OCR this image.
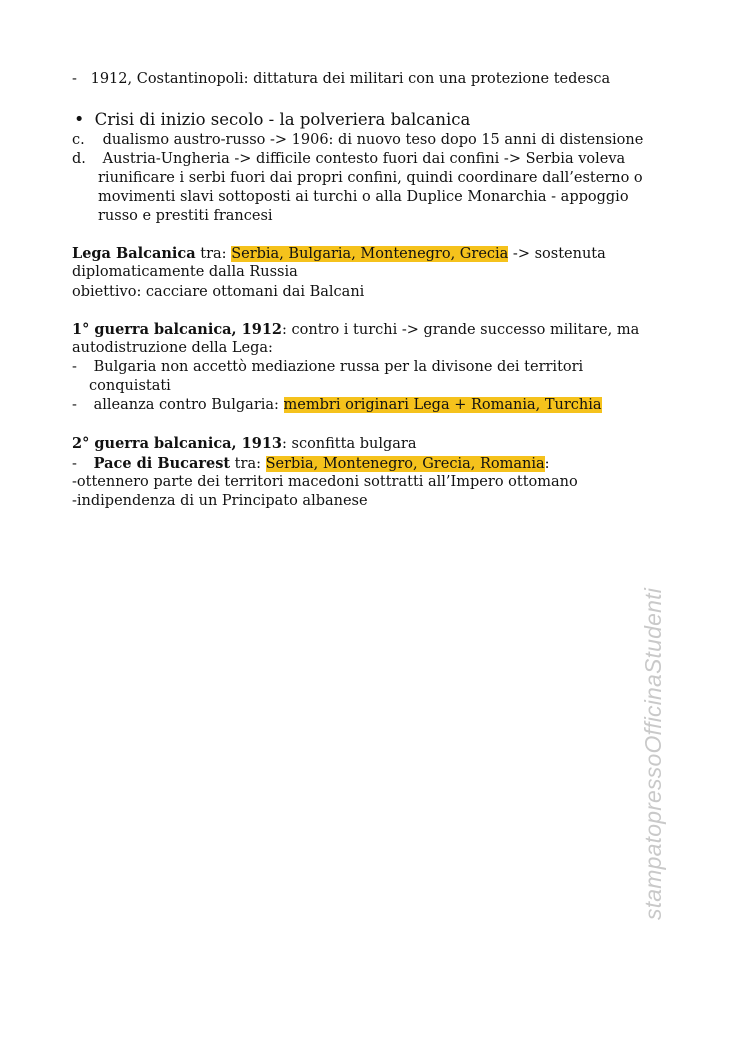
- 1912, Costantinopoli: dittatura dei militari con una protezione tedesca
• Crisi di inizio secolo - la polveriera balcanica
c. dualismo austro-russo -> 1906: di nuovo teso dopo 15 anni di distensione
d. Austria-Ungheria -> difficile contesto fuori dai confini -> Serbia voleva
riunificare i serbi fuori dai propri confini, quindi coordinare dall’esterno o
movimenti slavi sottoposti ai turchi o alla Duplice Monarchia - appoggio
russo e prestiti francesi
Lega Balcanica tra: Serbia, Bulgaria, Montenegro, Grecia -> sostenuta
diplomaticamente dalla Russia
obiettivo: cacciare ottomani dai Balcani
1° guerra balcanica, 1912: contro i turchi -> grande successo militare, ma
autodistruzione della Lega:
- Bulgaria non accettò mediazione russa per la divisone dei territori
conquistati
- alleanza contro Bulgaria: membri originari Lega + Romania, Turchia
2° guerra balcanica, 1913: sconfitta bulgara
- Pace di Bucarest tra: Serbia, Montenegro, Grecia, Romania:
-ottennero parte dei territori macedoni sottratti all’Impero ottomano
-indipendenza di un Principato albanese
stampatopressoOfficinaStudenti
